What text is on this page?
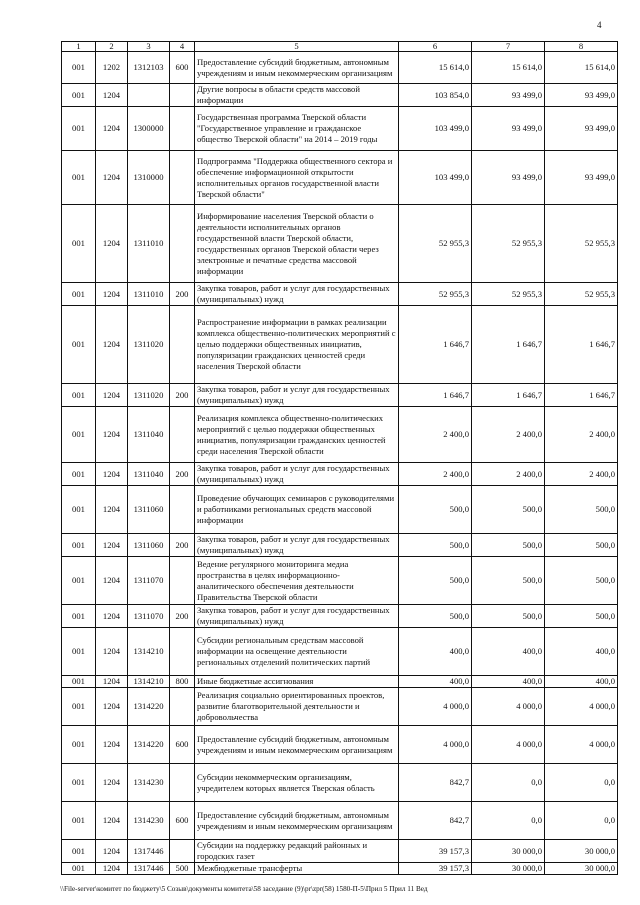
4
1	2	3	4	5	6	7	8
001	1202	1312103	600	Предоставление субсидий бюджетным, автономным учреждениям и иным некоммерческим организациям	15 614,0	15 614,0	15 614,0
001	1204			Другие вопросы в области средств массовой информации	103 854,0	93 499,0	93 499,0
001	1204	1300000		Государственная программа Тверской области "Государственное управление и гражданское общество Тверской области" на 2014 – 2019 годы	103 499,0	93 499,0	93 499,0
001	1204	1310000		Подпрограмма "Поддержка общественного сектора и обеспечение информационной открытости исполнительных органов государственной власти Тверской области"	103 499,0	93 499,0	93 499,0
001	1204	1311010		Информирование населения Тверской области о деятельности исполнительных органов государственной власти Тверской области, государственных органов Тверской области через электронные и печатные средства массовой информации	52 955,3	52 955,3	52 955,3
001	1204	1311010	200	Закупка товаров, работ и услуг для государственных (муниципальных) нужд	52 955,3	52 955,3	52 955,3
001	1204	1311020		Распространение информации в рамках реализации комплекса общественно-политических мероприятий с целью поддержки общественных инициатив, популяризации гражданских ценностей среди населения Тверской области	1 646,7	1 646,7	1 646,7
001	1204	1311020	200	Закупка товаров, работ и услуг для государственных (муниципальных) нужд	1 646,7	1 646,7	1 646,7
001	1204	1311040		Реализация комплекса общественно-политических мероприятий с целью поддержки общественных инициатив, популяризации гражданских ценностей среди населения Тверской области	2 400,0	2 400,0	2 400,0
001	1204	1311040	200	Закупка товаров, работ и услуг для государственных (муниципальных) нужд	2 400,0	2 400,0	2 400,0
001	1204	1311060		Проведение обучающих семинаров с руководителями и работниками региональных средств массовой информации	500,0	500,0	500,0
001	1204	1311060	200	Закупка товаров, работ и услуг для государственных (муниципальных) нужд	500,0	500,0	500,0
001	1204	1311070		Ведение регулярного мониторинга медиа пространства в целях информационно-аналитического обеспечения деятельности Правительства Тверской области	500,0	500,0	500,0
001	1204	1311070	200	Закупка товаров, работ и услуг для государственных (муниципальных) нужд	500,0	500,0	500,0
001	1204	1314210		Субсидии региональным средствам массовой информации на освещение деятельности региональных отделений политических партий	400,0	400,0	400,0
001	1204	1314210	800	Иные бюджетные ассигнования	400,0	400,0	400,0
001	1204	1314220		Реализация социально ориентированных проектов, развитие благотворительной деятельности и добровольчества	4 000,0	4 000,0	4 000,0
001	1204	1314220	600	Предоставление субсидий бюджетным, автономным учреждениям и иным некоммерческим организациям	4 000,0	4 000,0	4 000,0
001	1204	1314230		Субсидии некоммерческим организациям, учредителем которых является Тверская область	842,7	0,0	0,0
001	1204	1314230	600	Предоставление субсидий бюджетным, автономным учреждениям и иным некоммерческим организациям	842,7	0,0	0,0
001	1204	1317446		Субсидии на поддержку редакций районных и городских газет	39 157,3	30 000,0	30 000,0
001	1204	1317446	500	Межбюджетные трансферты	39 157,3	30 000,0	30 000,0
\\File-server\комитет по бюджету\5 Созыв\документы комитета\58 заседание (9)\pr\zpr(58) 1580-П-5\Прил 5 Прил 11 Вед
